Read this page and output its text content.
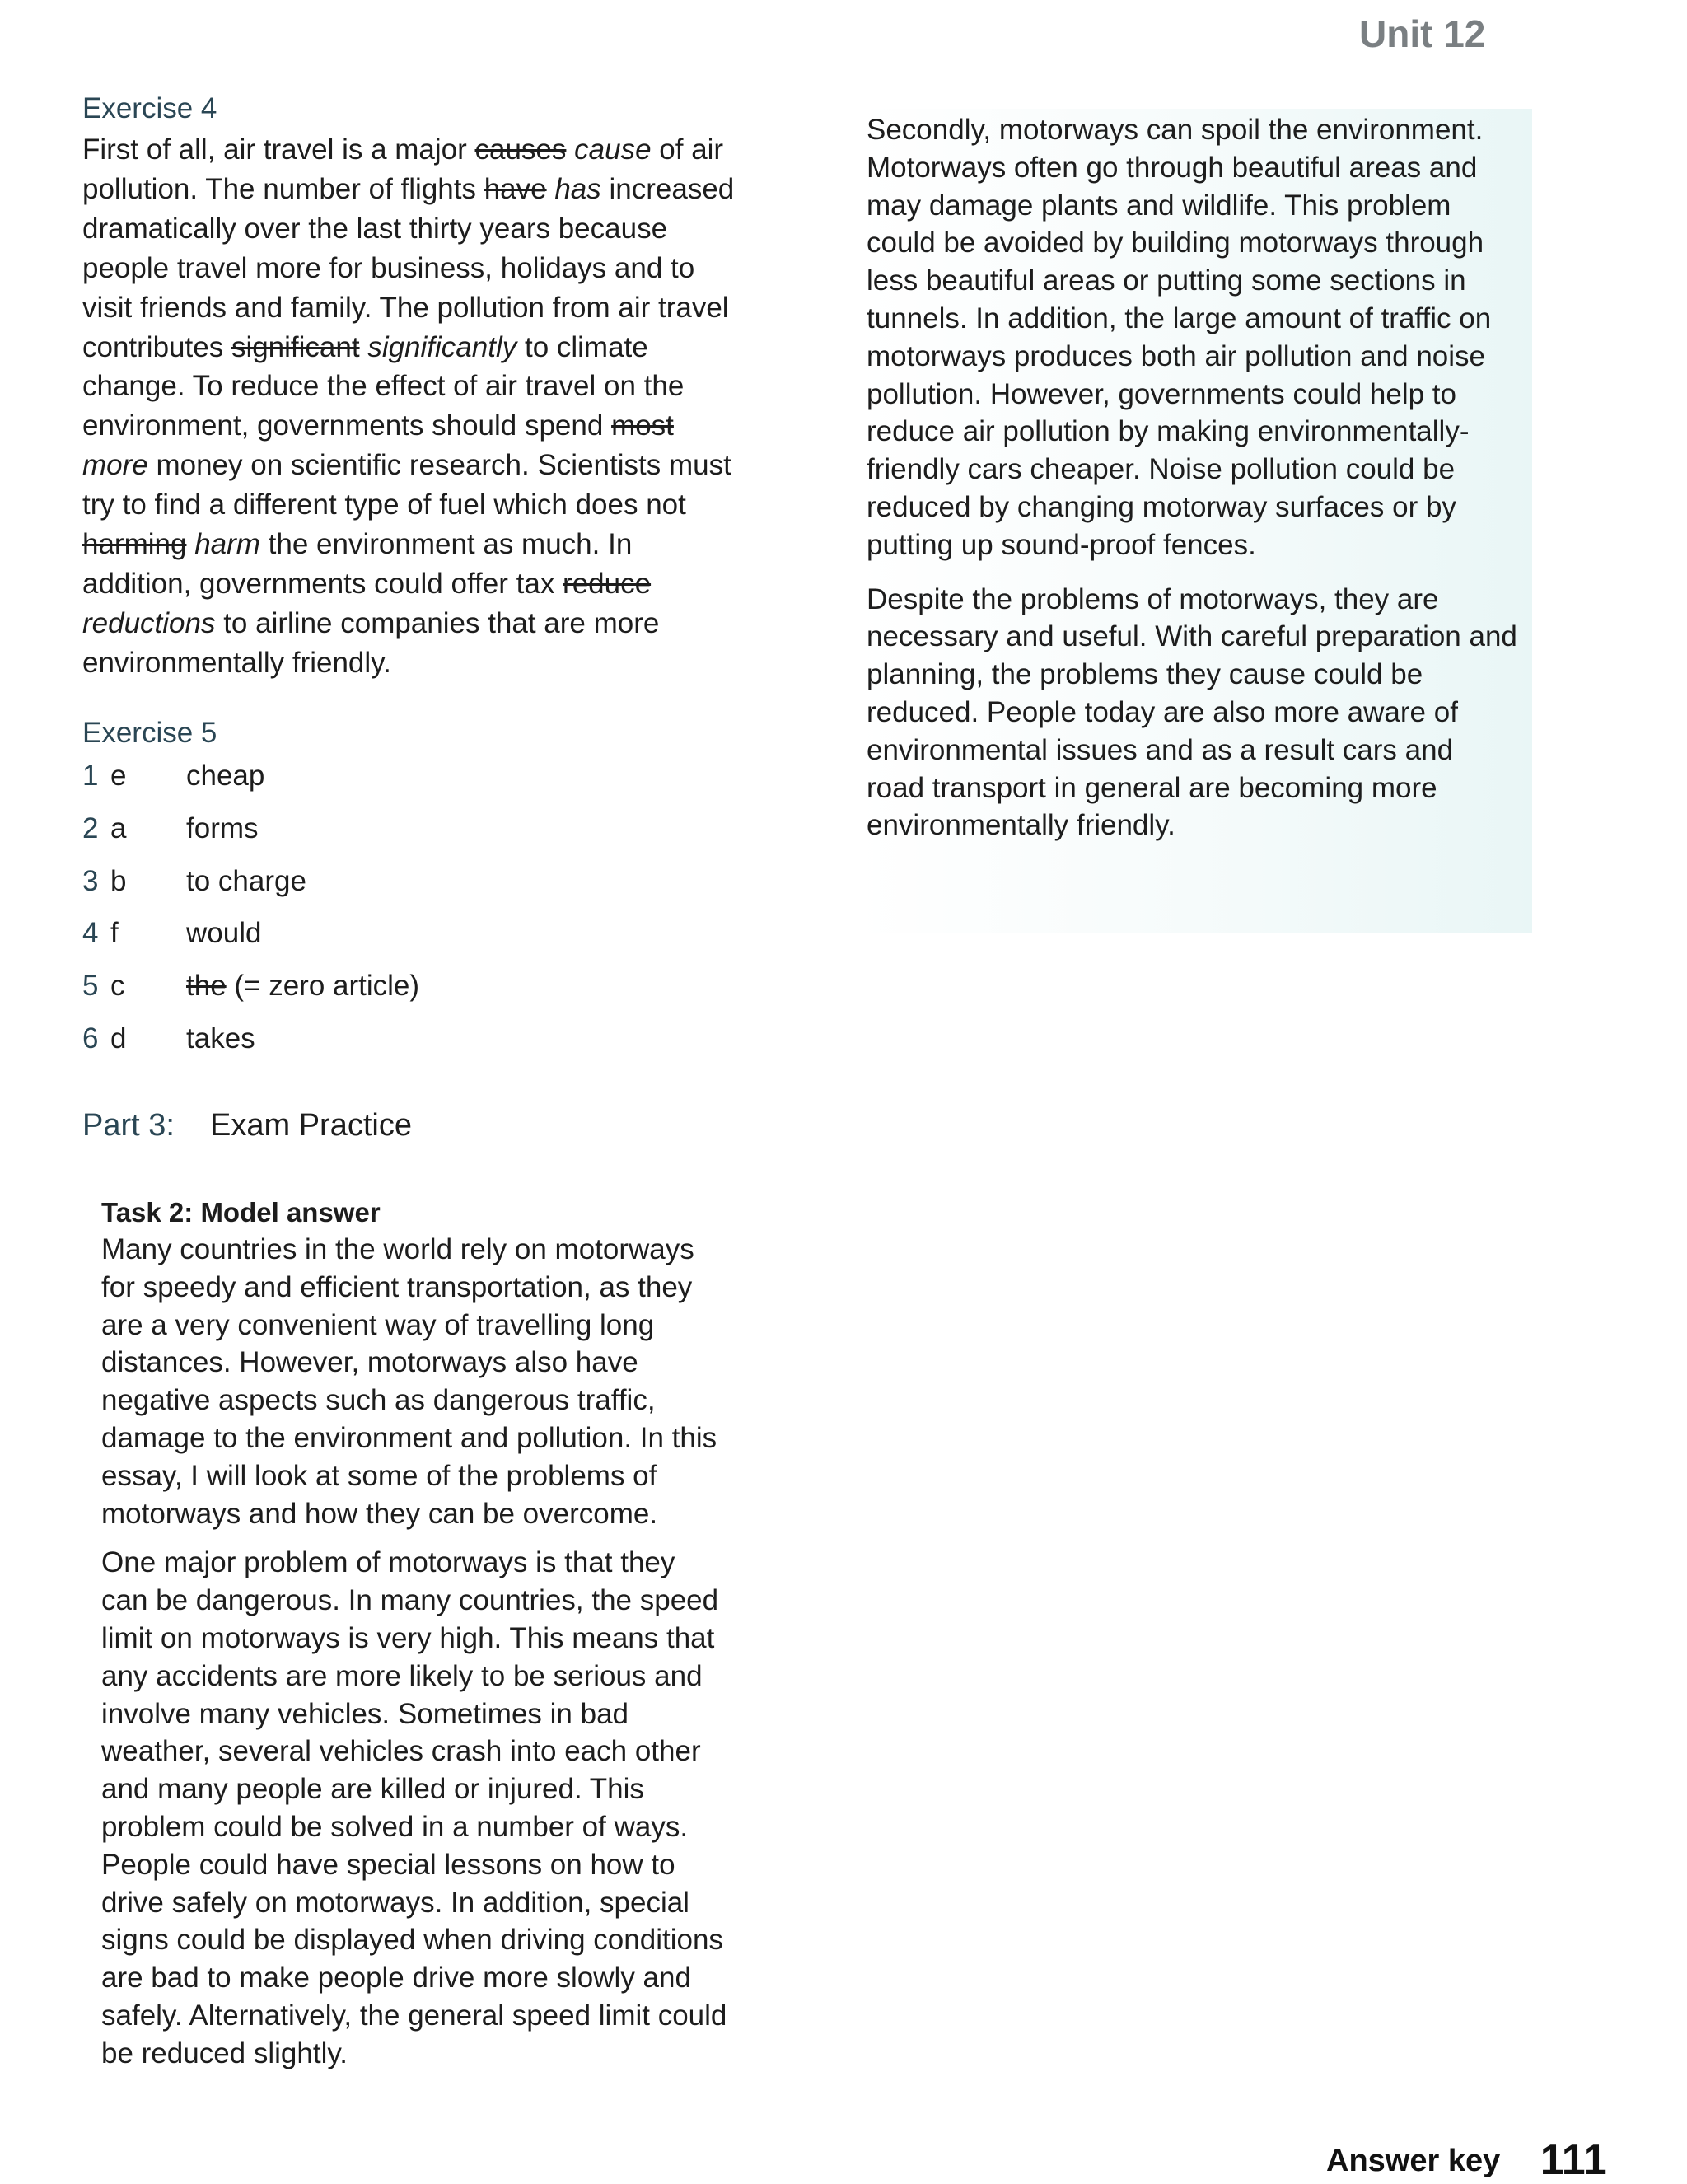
Unit 12
Exercise 4
First of all, air travel is a major causes cause of air pollution. The number of flights have has increased dramatically over the last thirty years because people travel more for business, holidays and to visit friends and family. The pollution from air travel contributes significant significantly to climate change. To reduce the effect of air travel on the environment, governments should spend most more money on scientific research. Scientists must try to find a different type of fuel which does not harming harm the environment as much. In addition, governments could offer tax reduce reductions to airline companies that are more environmentally friendly.
Exercise 5
1 e cheap
2 a forms
3 b to charge
4 f would
5 c the (= zero article)
6 d takes
Part 3: Exam Practice

Task 2: Model answer

Many countries in the world rely on motorways for speedy and efficient transportation, as they are a very convenient way of travelling long distances. However, motorways also have negative aspects such as dangerous traffic, damage to the environment and pollution. In this essay, I will look at some of the problems of motorways and how they can be overcome.

One major problem of motorways is that they can be dangerous. In many countries, the speed limit on motorways is very high. This means that any accidents are more likely to be serious and involve many vehicles. Sometimes in bad weather, several vehicles crash into each other and many people are killed or injured. This problem could be solved in a number of ways. People could have special lessons on how to drive safely on motorways. In addition, special signs could be displayed when driving conditions are bad to make people drive more slowly and safely. Alternatively, the general speed limit could be reduced slightly.

Secondly, motorways can spoil the environment. Motorways often go through beautiful areas and may damage plants and wildlife. This problem could be avoided by building motorways through less beautiful areas or putting some sections in tunnels. In addition, the large amount of traffic on motorways produces both air pollution and noise pollution. However, governments could help to reduce air pollution by making environmentally-friendly cars cheaper. Noise pollution could be reduced by changing motorway surfaces or by putting up sound-proof fences.

Despite the problems of motorways, they are necessary and useful. With careful preparation and planning, the problems they cause could be reduced. People today are also more aware of environmental issues and as a result cars and road transport in general are becoming more environmentally friendly.

Answer key 111
